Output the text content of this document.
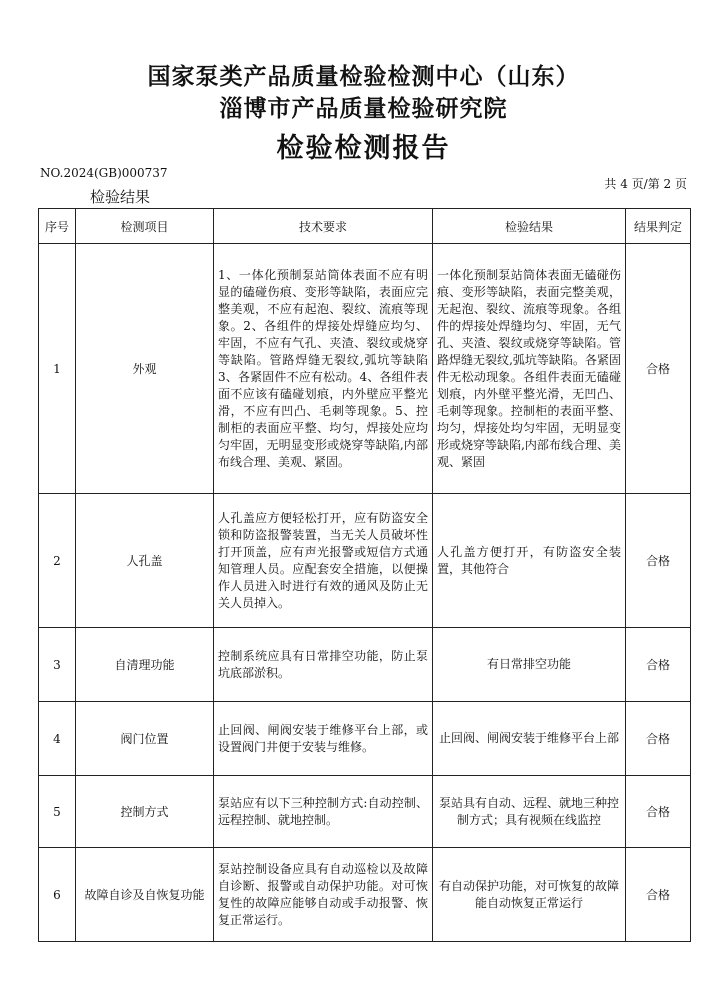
国家泵类产品质量检验检测中心（山东）
淄博市产品质量检验研究院
检验检测报告
NO.2024(GB)000737
共 4 页/第 2 页
检验结果
序号	检测项目	技术要求	检验结果	结果判定
1	外观	1、一体化预制泵站筒体表面不应有明显的磕碰伤痕、变形等缺陷，表面应完整美观，不应有起泡、裂纹、流痕等现象。2、各组件的焊接处焊缝应均匀、牢固，不应有气孔、夹渣、裂纹或烧穿等缺陷。管路焊缝无裂纹,弧坑等缺陷3、各紧固件不应有松动。4、各组件表面不应该有磕碰划痕，内外壁应平整光滑，不应有凹凸、毛刺等现象。5、控制柜的表面应平整、均匀，焊接处应均匀牢固，无明显变形或烧穿等缺陷,内部布线合理、美观、紧固。	一体化预制泵站筒体表面无磕碰伤痕、变形等缺陷，表面完整美观，无起泡、裂纹、流痕等现象。各组件的焊接处焊缝均匀、牢固，无气孔、夹渣、裂纹或烧穿等缺陷。管路焊缝无裂纹,弧坑等缺陷。各紧固件无松动现象。各组件表面无磕碰划痕，内外壁平整光滑，无凹凸、毛刺等现象。控制柜的表面平整、均匀，焊接处均匀牢固，无明显变形或烧穿等缺陷,内部布线合理、美观、紧固	合格
2	人孔盖	人孔盖应方便轻松打开，应有防盗安全锁和防盗报警装置，当无关人员破坏性打开顶盖，应有声光报警或短信方式通知管理人员。应配套安全措施，以便操作人员进入时进行有效的通风及防止无关人员掉入。	人孔盖方便打开，有防盗安全装置，其他符合	合格
3	自清理功能	控制系统应具有日常排空功能，防止泵坑底部淤积。	有日常排空功能	合格
4	阀门位置	止回阀、闸阀安装于维修平台上部，或设置阀门井便于安装与维修。	止回阀、闸阀安装于维修平台上部	合格
5	控制方式	泵站应有以下三种控制方式:自动控制、远程控制、就地控制。	泵站具有自动、远程、就地三种控制方式；具有视频在线监控	合格
6	故障自诊及自恢复功能	泵站控制设备应具有自动巡检以及故障自诊断、报警或自动保护功能。对可恢复性的故障应能够自动或手动报警、恢复正常运行。	有自动保护功能，对可恢复的故障能自动恢复正常运行	合格
